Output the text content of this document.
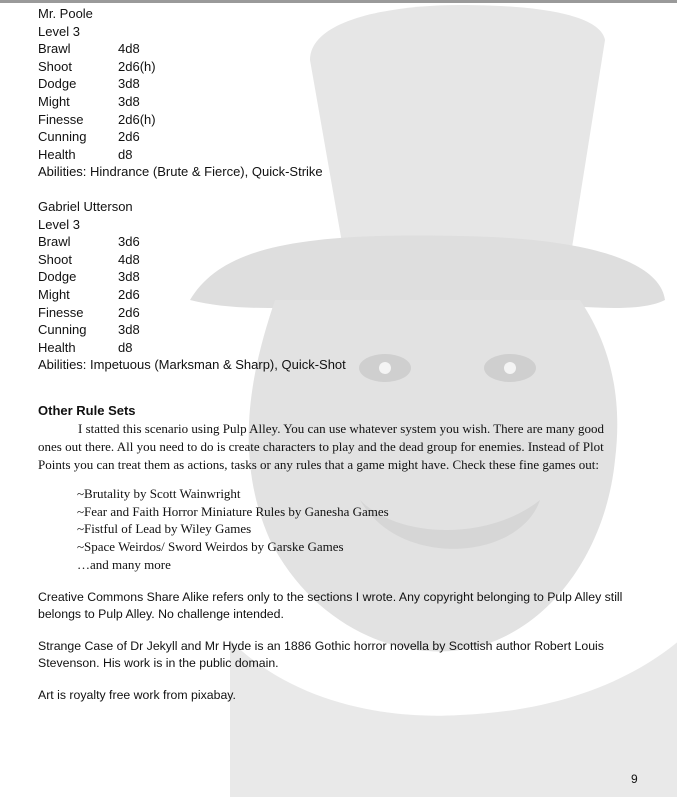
Mr. Poole
Level 3
Brawl	4d8
Shoot	2d6(h)
Dodge	3d8
Might	3d8
Finesse	2d6(h)
Cunning	2d6
Health	d8
Abilities: Hindrance (Brute & Fierce), Quick-Strike
Gabriel Utterson
Level 3
Brawl	3d6
Shoot	4d8
Dodge	3d8
Might	2d6
Finesse	2d6
Cunning	3d8
Health	d8
Abilities: Impetuous (Marksman & Sharp), Quick-Shot
Other Rule Sets
I statted this scenario using Pulp Alley. You can use whatever system you wish. There are many good ones out there. All you need to do is create characters to play and the dead group for enemies. Instead of Plot Points you can treat them as actions, tasks or any rules that a game might have. Check these fine games out:
~Brutality by Scott Wainwright
~Fear and Faith Horror Miniature Rules by Ganesha Games
~Fistful of Lead by Wiley Games
~Space Weirdos/ Sword Weirdos by Garske Games
…and many more
Creative Commons Share Alike refers only to the sections I wrote. Any copyright belonging to Pulp Alley still belongs to Pulp Alley. No challenge intended.
Strange Case of Dr Jekyll and Mr Hyde is an 1886 Gothic horror novella by Scottish author Robert Louis Stevenson. His work is in the public domain.
Art is royalty free work from pixabay.
9
